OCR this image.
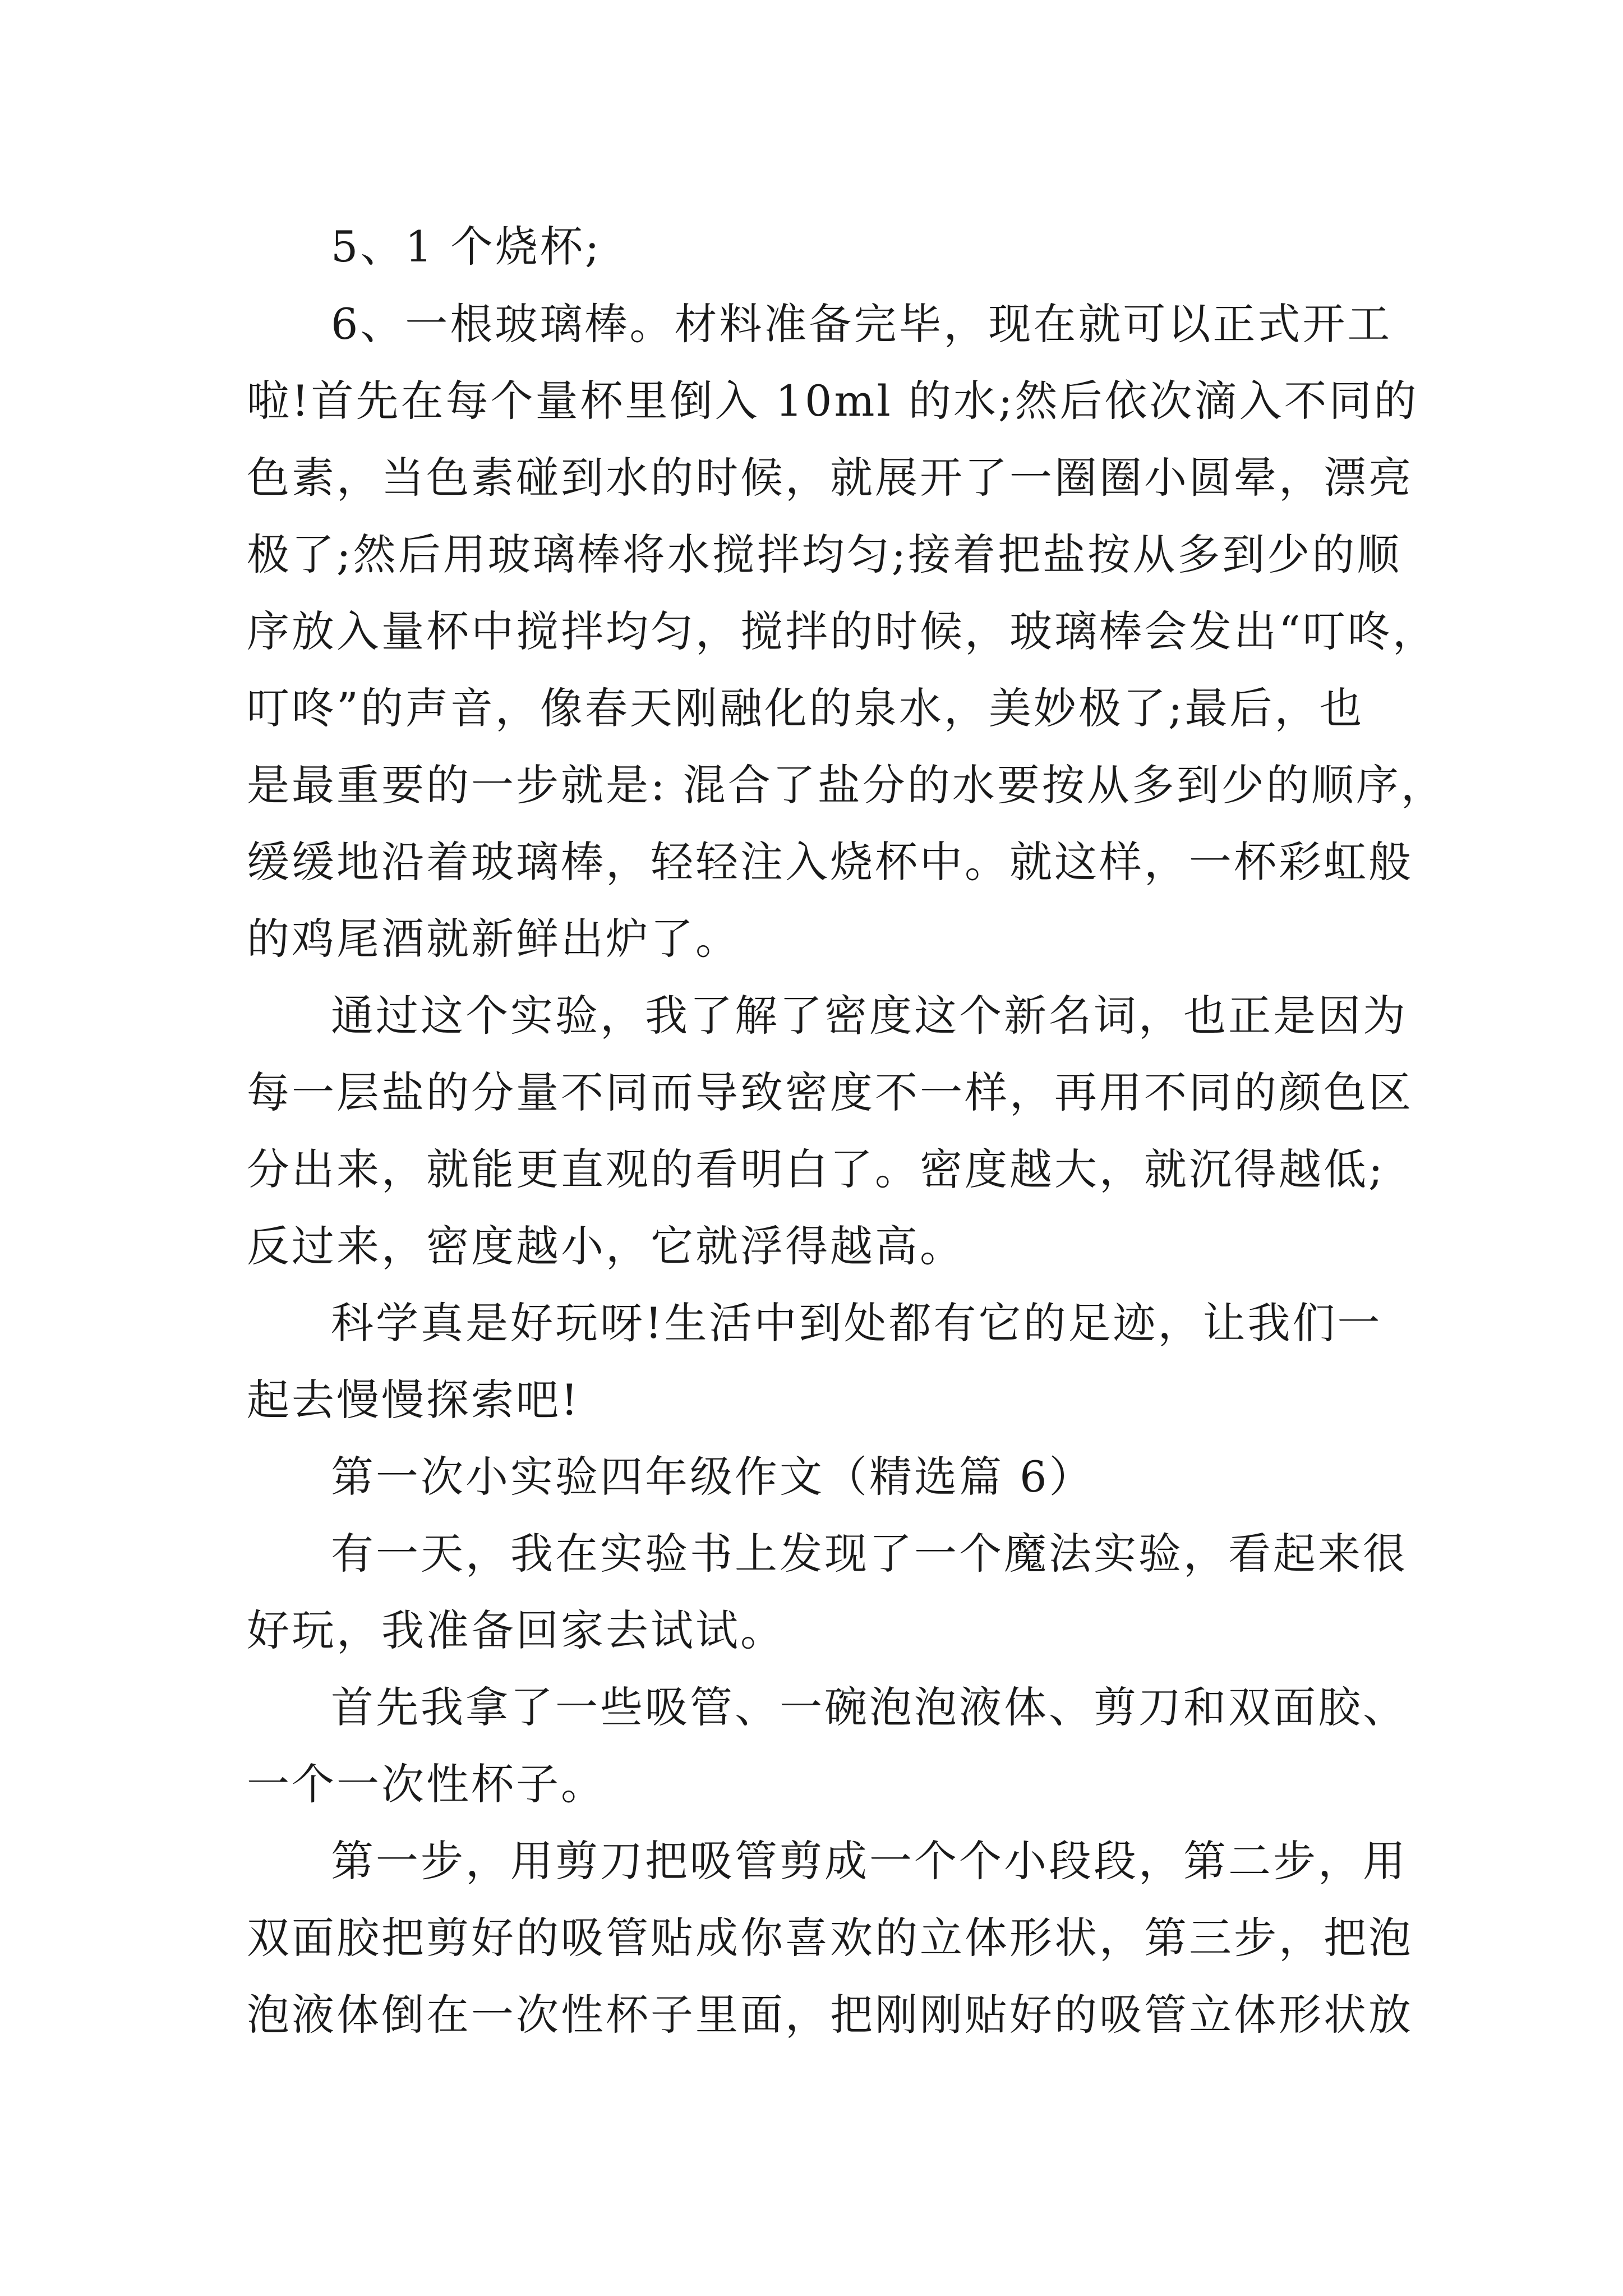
5、1 个烧杯;

6、一根玻璃棒。材料准备完毕，现在就可以正式开工

啦!首先在每个量杯里倒入 10ml 的水;然后依次滴入不同的

色素，当色素碰到水的时候，就展开了一圈圈小圆晕，漂亮

极了;然后用玻璃棒将水搅拌均匀;接着把盐按从多到少的顺

序放入量杯中搅拌均匀，搅拌的时候，玻璃棒会发出“叮咚，

叮咚”的声音，像春天刚融化的泉水，美妙极了;最后，也

是最重要的一步就是: 混合了盐分的水要按从多到少的顺序，

缓缓地沿着玻璃棒，轻轻注入烧杯中。就这样，一杯彩虹般

的鸡尾酒就新鲜出炉了。

通过这个实验，我了解了密度这个新名词，也正是因为

每一层盐的分量不同而导致密度不一样，再用不同的颜色区

分出来，就能更直观的看明白了。密度越大，就沉得越低;

反过来，密度越小，它就浮得越高。

科学真是好玩呀!生活中到处都有它的足迹，让我们一

起去慢慢探索吧!

第一次小实验四年级作文（精选篇 6）

有一天，我在实验书上发现了一个魔法实验，看起来很

好玩，我准备回家去试试。

首先我拿了一些吸管、一碗泡泡液体、剪刀和双面胶、

一个一次性杯子。

第一步，用剪刀把吸管剪成一个个小段段，第二步，用

双面胶把剪好的吸管贴成你喜欢的立体形状，第三步，把泡

泡液体倒在一次性杯子里面，把刚刚贴好的吸管立体形状放
